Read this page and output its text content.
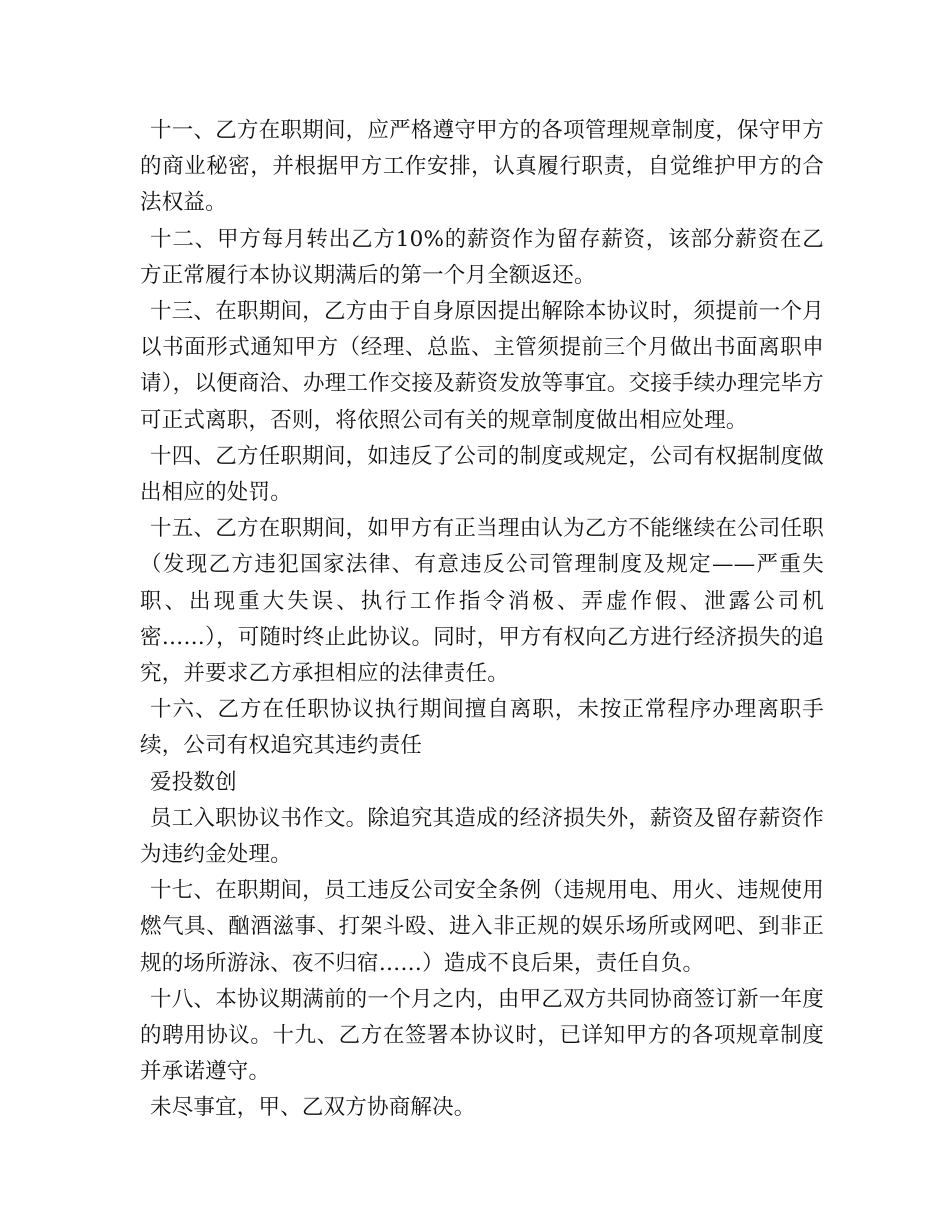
十一、乙方在职期间，应严格遵守甲方的各项管理规章制度，保守甲方的商业秘密，并根据甲方工作安排，认真履行职责，自觉维护甲方的合法权益。

十二、甲方每月转出乙方10%的薪资作为留存薪资，该部分薪资在乙方正常履行本协议期满后的第一个月全额返还。

十三、在职期间，乙方由于自身原因提出解除本协议时，须提前一个月以书面形式通知甲方（经理、总监、主管须提前三个月做出书面离职申请），以便商洽、办理工作交接及薪资发放等事宜。交接手续办理完毕方可正式离职，否则，将依照公司有关的规章制度做出相应处理。

十四、乙方任职期间，如违反了公司的制度或规定，公司有权据制度做出相应的处罚。

十五、乙方在职期间，如甲方有正当理由认为乙方不能继续在公司任职（发现乙方违犯国家法律、有意违反公司管理制度及规定——严重失职、出现重大失误、执行工作指令消极、弄虚作假、泄露公司机密……），可随时终止此协议。同时，甲方有权向乙方进行经济损失的追究，并要求乙方承担相应的法律责任。

十六、乙方在任职协议执行期间擅自离职，未按正常程序办理离职手续，公司有权追究其违约责任

爱投数创

员工入职协议书作文。除追究其造成的经济损失外，薪资及留存薪资作为违约金处理。

十七、在职期间，员工违反公司安全条例（违规用电、用火、违规使用燃气具、酗酒滋事、打架斗殴、进入非正规的娱乐场所或网吧、到非正规的场所游泳、夜不归宿……）造成不良后果，责任自负。

十八、本协议期满前的一个月之内，由甲乙双方共同协商签订新一年度的聘用协议。十九、乙方在签署本协议时，已详知甲方的各项规章制度并承诺遵守。

未尽事宜，甲、乙双方协商解决。
